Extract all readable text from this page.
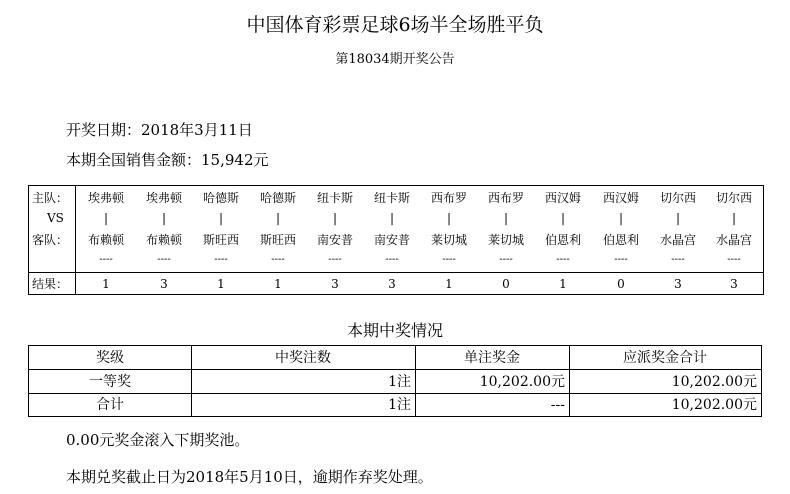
中国体育彩票足球6场半全场胜平负
第18034期开奖公告
开奖日期：2018年3月11日
本期全国销售金额：15,942元
主队：	埃弗顿	埃弗顿	哈德斯	哈德斯	纽卡斯	纽卡斯	西布罗	西布罗	西汉姆	西汉姆	切尔西	切尔西
VS	|	|	|	|	|	|	|	|	|	|	|	|
客队：	布赖顿	布赖顿	斯旺西	斯旺西	南安普	南安普	莱切城	莱切城	伯恩利	伯恩利	水晶宫	水晶宫
----	----	----	----	----	----	----	----	----	----	----	----
结果：	1	3	1	1	3	3	1	0	1	0	3	3
本期中奖情况
奖级	中奖注数	单注奖金	应派奖金合计
一等奖	1注	10,202.00元	10,202.00元
合计	1注	---	10,202.00元
0.00元奖金滚入下期奖池。
本期兑奖截止日为2018年5月10日，逾期作弃奖处理。
